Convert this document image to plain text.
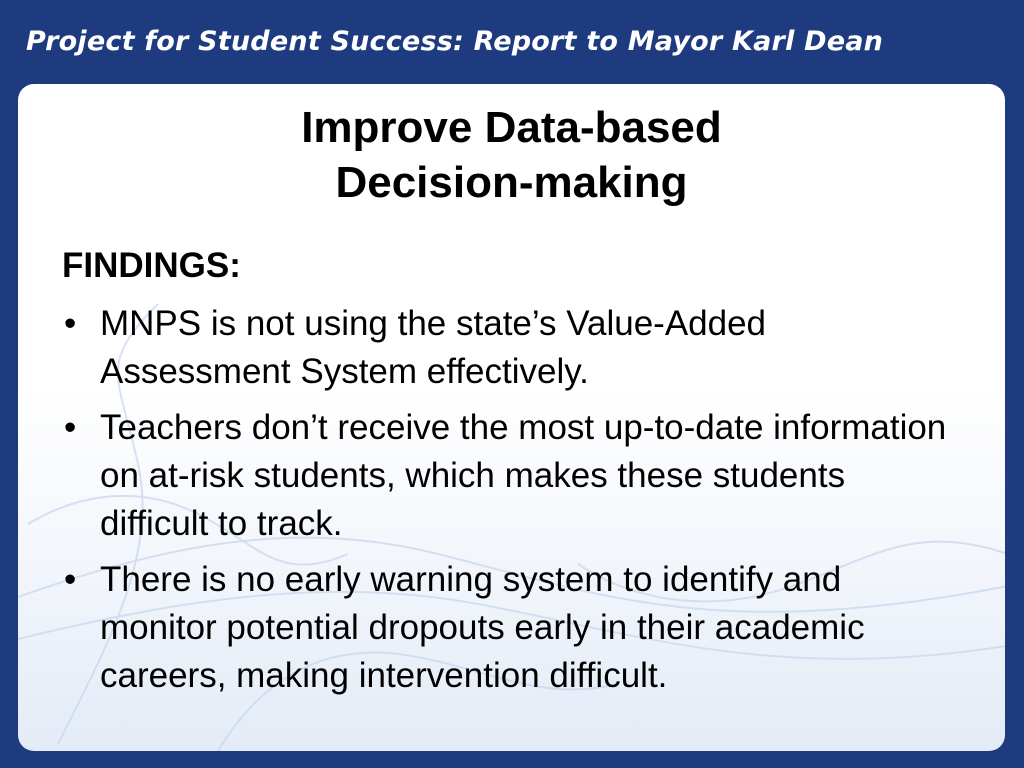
Project for Student Success: Report to Mayor Karl Dean
Improve Data-based
Decision-making
FINDINGS:
• MNPS is not using the state’s Value-Added Assessment System effectively.
• Teachers don’t receive the most up-to-date information on at-risk students, which makes these students difficult to track.
• There is no early warning system to identify and monitor potential dropouts early in their academic careers, making intervention difficult.
